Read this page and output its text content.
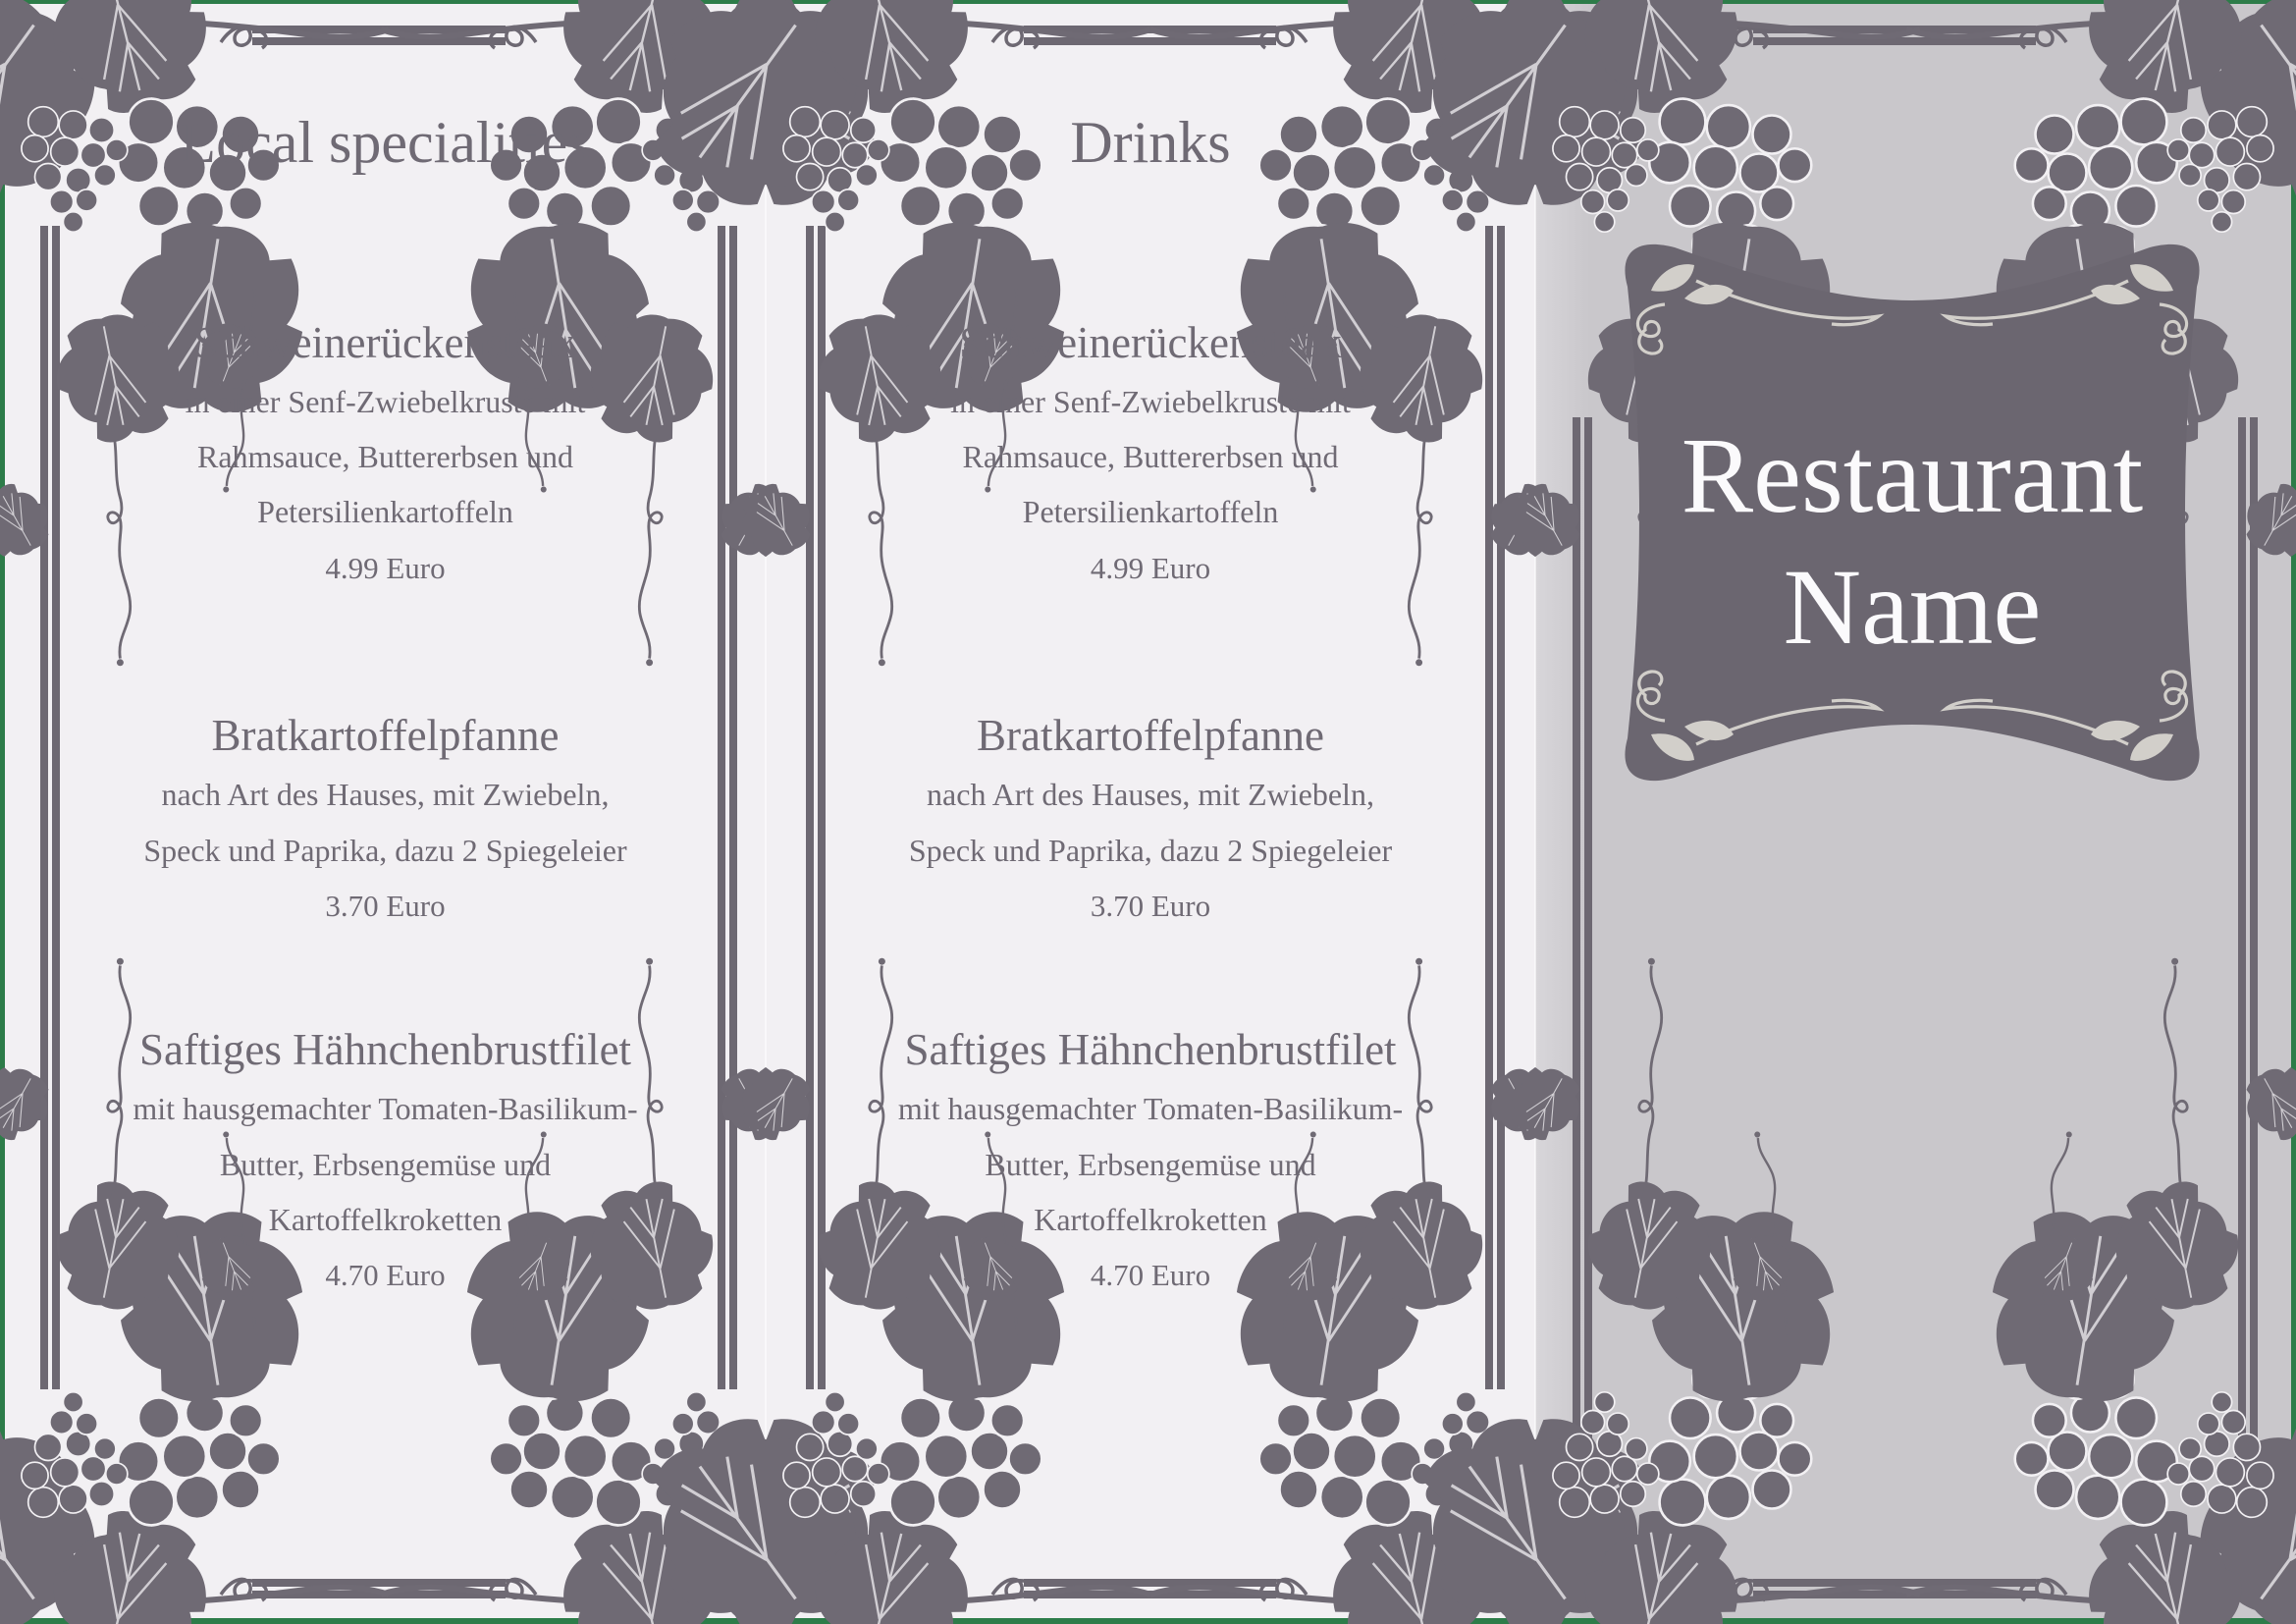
Local specialities
Schweinerückensteak
in einer Senf-Zwiebelkruste mit
Rahmsauce, Buttererbsen und
Petersilienkartoffeln
4.99 Euro
Bratkartoffelpfanne
nach Art des Hauses, mit Zwiebeln,
Speck und Paprika, dazu 2 Spiegeleier
3.70 Euro
Saftiges Hähnchenbrustfilet
mit hausgemachter Tomaten-Basilikum-
Butter, Erbsengemüse und
Kartoffelkroketten
4.70 Euro
Drinks
Schweinerückensteak
in einer Senf-Zwiebelkruste mit
Rahmsauce, Buttererbsen und
Petersilienkartoffeln
4.99 Euro
Bratkartoffelpfanne
nach Art des Hauses, mit Zwiebeln,
Speck und Paprika, dazu 2 Spiegeleier
3.70 Euro
Saftiges Hähnchenbrustfilet
mit hausgemachter Tomaten-Basilikum-
Butter, Erbsengemüse und
Kartoffelkroketten
4.70 Euro
Restaurant
Name
